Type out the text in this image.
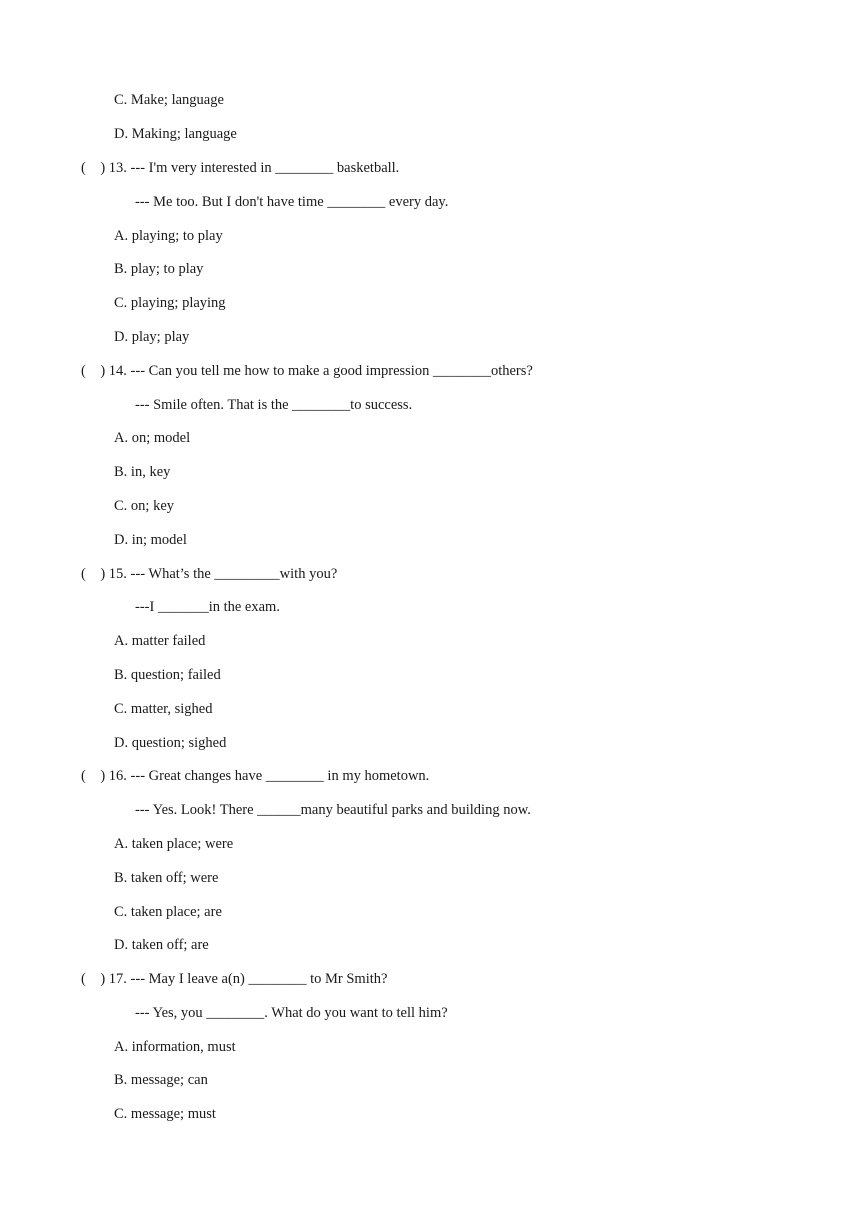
C. Make; language
D. Making; language
(    ) 13. --- I'm very interested in ________ basketball.
--- Me too. But I don't have time ________ every day.
A. playing; to play
B. play; to play
C. playing; playing
D. play; play
(    ) 14. --- Can you tell me how to make a good impression ________others?
--- Smile often. That is the ________to success.
A. on; model
B. in, key
C. on; key
D. in; model
(    ) 15. --- What’s the _________with you?
---I _______in the exam.
A. matter failed
B. question; failed
C. matter, sighed
D. question; sighed
(    ) 16. --- Great changes have ________ in my hometown.
--- Yes. Look! There ______many beautiful parks and building now.
A. taken place; were
B. taken off; were
C. taken place; are
D. taken off; are
(    ) 17. --- May I leave a(n) ________ to Mr Smith?
--- Yes, you ________. What do you want to tell him?
A. information, must
B. message; can
C. message; must
